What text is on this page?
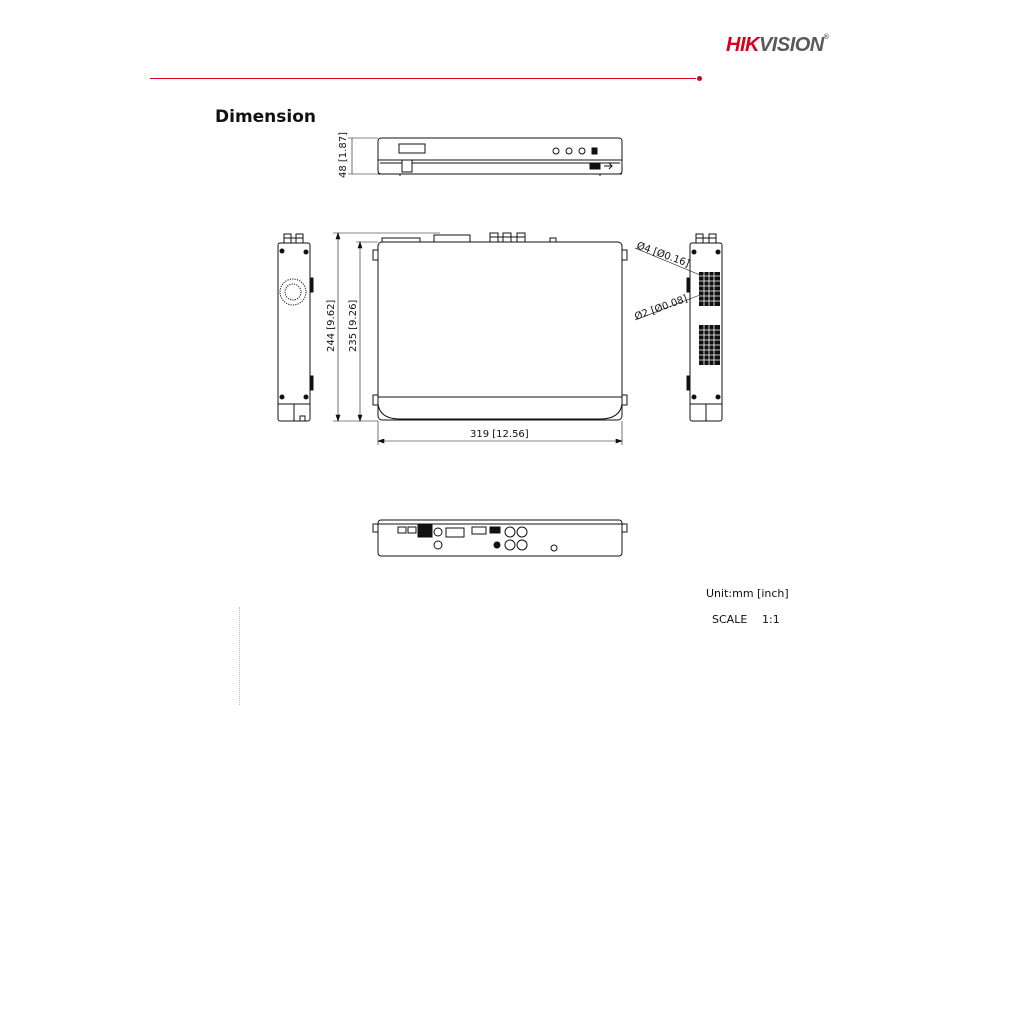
HIKVISION®
Dimension
48 [1.87]
244 [9.62] 235 [9.26]
319 [12.56]
Ø4 [Ø0.16]
Ø2 [Ø0.08]
Unit:mm [inch]
SCALE 1:1
